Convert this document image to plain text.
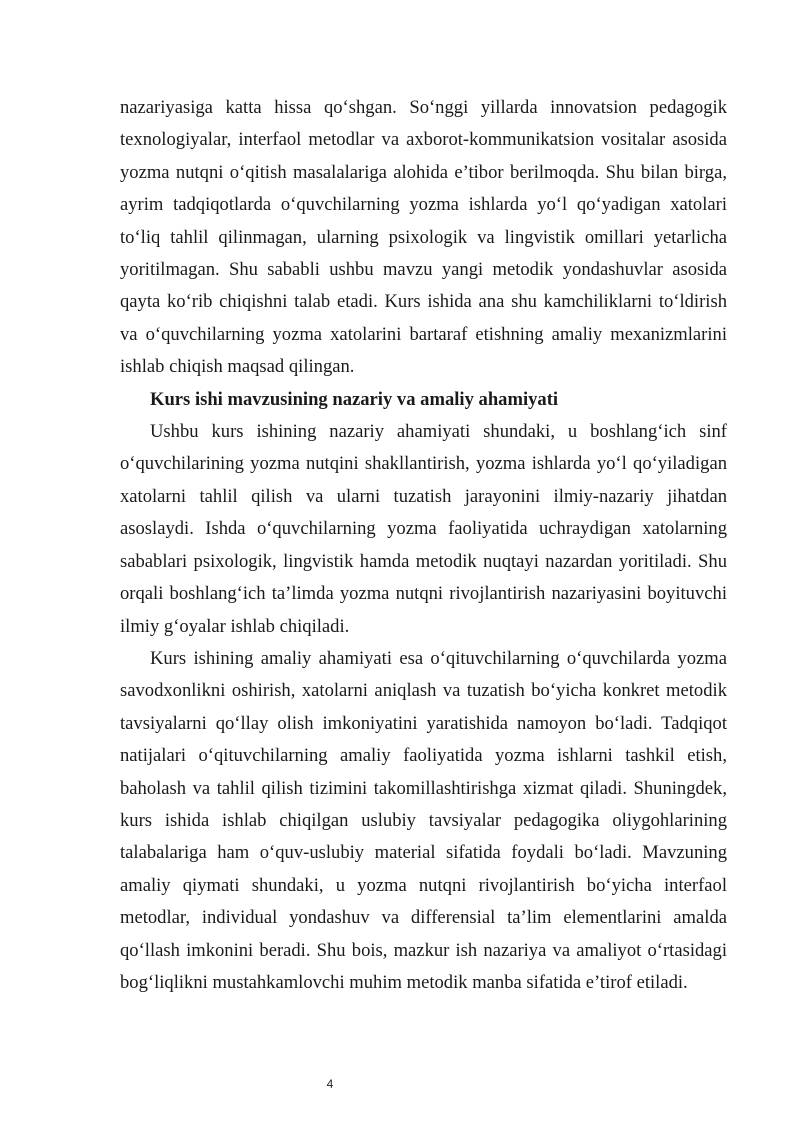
nazariyasiga katta hissa qo‘shgan. So‘nggi yillarda innovatsion pedagogik texnologiyalar, interfaol metodlar va axborot-kommunikatsion vositalar asosida yozma nutqni o‘qitish masalalariga alohida e’tibor berilmoqda. Shu bilan birga, ayrim tadqiqotlarda o‘quvchilarning yozma ishlarda yo‘l qo‘yadigan xatolari to‘liq tahlil qilinmagan, ularning psixologik va lingvistik omillari yetarlicha yoritilmagan. Shu sababli ushbu mavzu yangi metodik yondashuvlar asosida qayta ko‘rib chiqishni talab etadi. Kurs ishida ana shu kamchiliklarni to‘ldirish va o‘quvchilarning yozma xatolarini bartaraf etishning amaliy mexanizmlarini ishlab chiqish maqsad qilingan.

Kurs ishi mavzusining nazariy va amaliy ahamiyati

Ushbu kurs ishining nazariy ahamiyati shundaki, u boshlang‘ich sinf o‘quvchilarining yozma nutqini shakllantirish, yozma ishlarda yo‘l qo‘yiladigan xatolarni tahlil qilish va ularni tuzatish jarayonini ilmiy-nazariy jihatdan asoslaydi. Ishda o‘quvchilarning yozma faoliyatida uchraydigan xatolarning sabablari psixologik, lingvistik hamda metodik nuqtayi nazardan yoritiladi. Shu orqali boshlang‘ich ta’limda yozma nutqni rivojlantirish nazariyasini boyituvchi ilmiy g‘oyalar ishlab chiqiladi.

Kurs ishining amaliy ahamiyati esa o‘qituvchilarning o‘quvchilarda yozma savodxonlikni oshirish, xatolarni aniqlash va tuzatish bo‘yicha konkret metodik tavsiyalarni qo‘llay olish imkoniyatini yaratishida namoyon bo‘ladi. Tadqiqot natijalari o‘qituvchilarning amaliy faoliyatida yozma ishlarni tashkil etish, baholash va tahlil qilish tizimini takomillashtirishga xizmat qiladi. Shuningdek, kurs ishida ishlab chiqilgan uslubiy tavsiyalar pedagogika oliygohlarining talabalariga ham o‘quv-uslubiy material sifatida foydali bo‘ladi. Mavzuning amaliy qiymati shundaki, u yozma nutqni rivojlantirish bo‘yicha interfaol metodlar, individual yondashuv va differensial ta’lim elementlarini amalda qo‘llash imkonini beradi. Shu bois, mazkur ish nazariya va amaliyot o‘rtasidagi bog‘liqlikni mustahkamlovchi muhim metodik manba sifatida e’tirof etiladi.

4
